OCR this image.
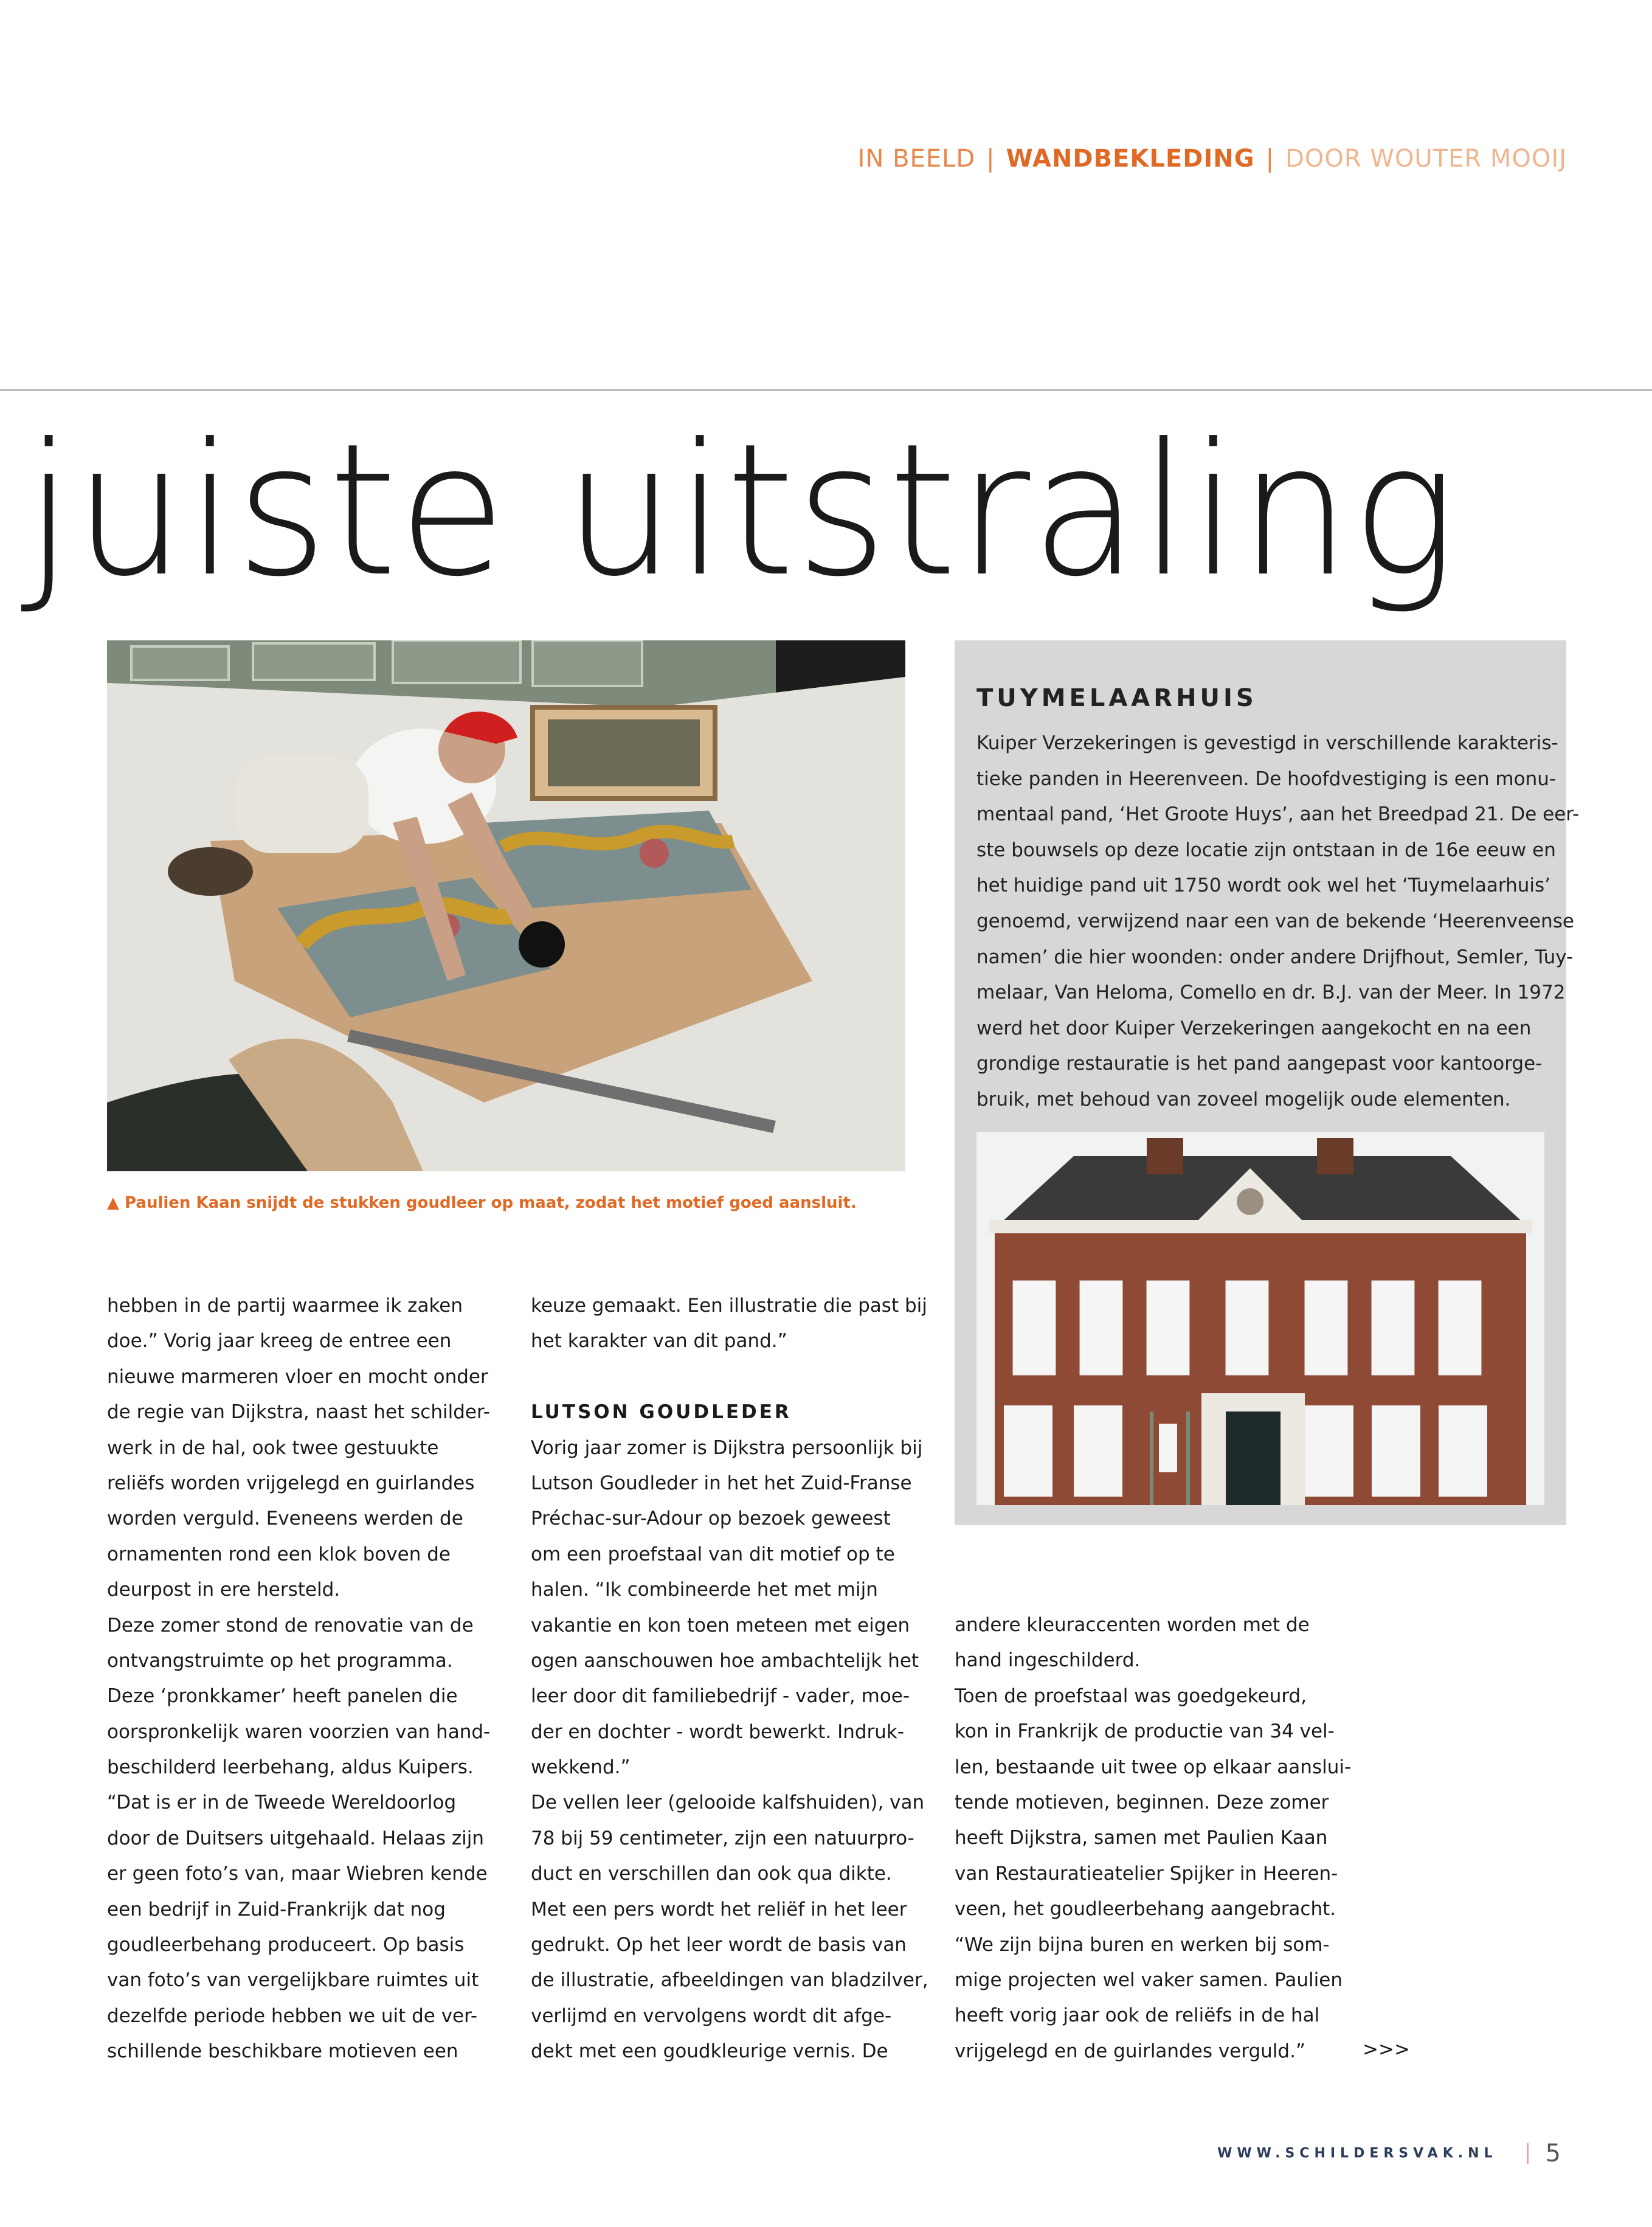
IN BEELD | WANDBEKLEDING | DOOR WOUTER MOOIJ
juiste uitstraling
▲ Paulien Kaan snijdt de stukken goudleer op maat, zodat het motief goed aansluit.
TUYMELAARHUIS
Kuiper Verzekeringen is gevestigd in verschillende karakteris-
tieke panden in Heerenveen. De hoofdvestiging is een monu-
mentaal pand, ‘Het Groote Huys’, aan het Breedpad 21. De eer-
ste bouwsels op deze locatie zijn ontstaan in de 16e eeuw en
het huidige pand uit 1750 wordt ook wel het ‘Tuymelaarhuis’
genoemd, verwijzend naar een van de bekende ‘Heerenveense
namen’ die hier woonden: onder andere Drijfhout, Semler, Tuy-
melaar, Van Heloma, Comello en dr. B.J. van der Meer. In 1972
werd het door Kuiper Verzekeringen aangekocht en na een
grondige restauratie is het pand aangepast voor kantoorge-
bruik, met behoud van zoveel mogelijk oude elementen.
hebben in de partij waarmee ik zaken
doe.” Vorig jaar kreeg de entree een
nieuwe marmeren vloer en mocht onder
de regie van Dijkstra, naast het schilder-
werk in de hal, ook twee gestuukte
reliëfs worden vrijgelegd en guirlandes
worden verguld. Eveneens werden de
ornamenten rond een klok boven de
deurpost in ere hersteld.
Deze zomer stond de renovatie van de
ontvangstruimte op het programma.
Deze ‘pronkkamer’ heeft panelen die
oorspronkelijk waren voorzien van hand-
beschilderd leerbehang, aldus Kuipers.
“Dat is er in de Tweede Wereldoorlog
door de Duitsers uitgehaald. Helaas zijn
er geen foto’s van, maar Wiebren kende
een bedrijf in Zuid-Frankrijk dat nog
goudleerbehang produceert. Op basis
van foto’s van vergelijkbare ruimtes uit
dezelfde periode hebben we uit de ver-
schillende beschikbare motieven een
keuze gemaakt. Een illustratie die past bij
het karakter van dit pand.”
LUTSON GOUDLEDER
Vorig jaar zomer is Dijkstra persoonlijk bij
Lutson Goudleder in het het Zuid-Franse
Préchac-sur-Adour op bezoek geweest
om een proefstaal van dit motief op te
halen. “Ik combineerde het met mijn
vakantie en kon toen meteen met eigen
ogen aanschouwen hoe ambachtelijk het
leer door dit familiebedrijf - vader, moe-
der en dochter - wordt bewerkt. Indruk-
wekkend.”
De vellen leer (gelooide kalfshuiden), van
78 bij 59 centimeter, zijn een natuurpro-
duct en verschillen dan ook qua dikte.
Met een pers wordt het reliëf in het leer
gedrukt. Op het leer wordt de basis van
de illustratie, afbeeldingen van bladzilver,
verlijmd en vervolgens wordt dit afge-
dekt met een goudkleurige vernis. De
andere kleuraccenten worden met de
hand ingeschilderd.
Toen de proefstaal was goedgekeurd,
kon in Frankrijk de productie van 34 vel-
len, bestaande uit twee op elkaar aanslui-
tende motieven, beginnen. Deze zomer
heeft Dijkstra, samen met Paulien Kaan
van Restauratieatelier Spijker in Heeren-
veen, het goudleerbehang aangebracht.
“We zijn bijna buren en werken bij som-
mige projecten wel vaker samen. Paulien
heeft vorig jaar ook de reliëfs in de hal
vrijgelegd en de guirlandes verguld.”	>>>
WWW.SCHILDERSVAK.NL 5
